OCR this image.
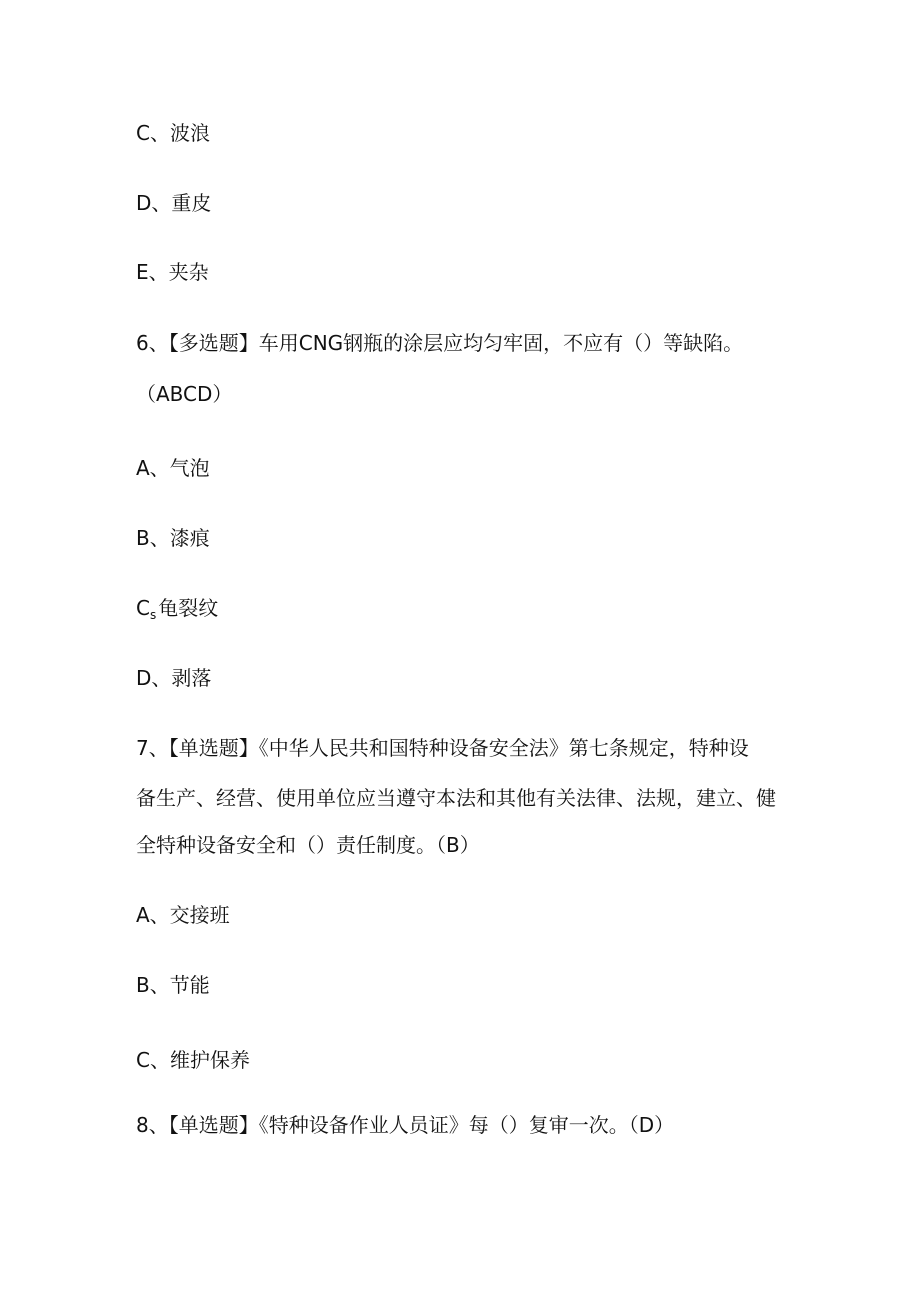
C、波浪
D、重皮
E、夹杂
6、【多选题】车用CNG钢瓶的涂层应均匀牢固，不应有（）等缺陷。
（ABCD）
A、气泡
B、漆痕
$C_s$ 龟裂纹
D、剥落
7、【单选题】《中华人民共和国特种设备安全法》第七条规定，特种设
备生产、经营、使用单位应当遵守本法和其他有关法律、法规，建立、健
全特种设备安全和（）责任制度。（B）
A、交接班
B、节能
C、维护保养
8、【单选题】《特种设备作业人员证》每（）复审一次。（D）
